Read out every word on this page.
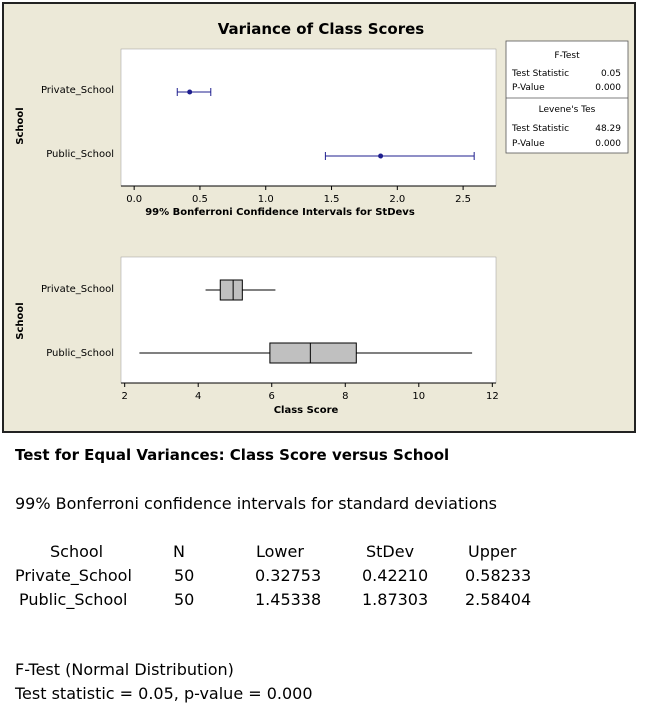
Variance of Class Scores
0.0	0.5	1.0	1.5	2.0	2.5
99% Bonferroni Confidence Intervals for StDevs
School
Private_School
Public_School
F-Test
Test Statistic	0.05
P-Value	0.000
Levene's Tes
Test Statistic	48.29
P-Value	0.000
2	4	6	8	10	12
Class Score
School
Private_School
Public_School
Test for Equal Variances: Class Score versus School
99% Bonferroni confidence intervals for standard deviations
School	N	Lower	StDev	Upper
Private_School	50	0.32753	0.42210 0.58233
Public_School	50	1.45338	1.87303 2.58404
F-Test (Normal Distribution)
Test statistic = 0.05, p-value = 0.000
